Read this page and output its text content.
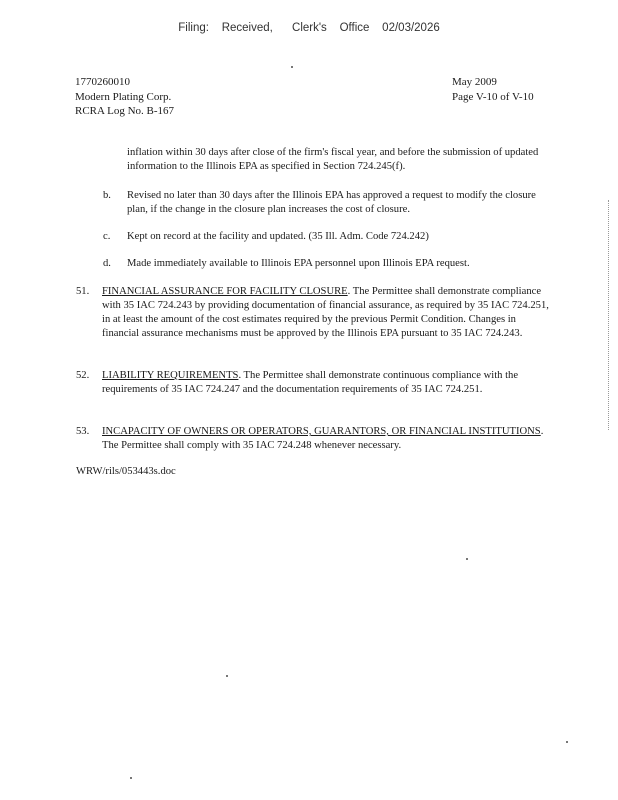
Filing:    Received,      Clerk's    Office    02/03/2026
1770260010
Modern Plating Corp.
RCRA Log No. B-167
May 2009
Page V-10 of V-10
inflation within 30 days after close of the firm's fiscal year, and before the submission of updated information to the Illinois EPA as specified in Section 724.245(f).
b. Revised no later than 30 days after the Illinois EPA has approved a request to modify the closure plan, if the change in the closure plan increases the cost of closure.
c. Kept on record at the facility and updated. (35 Ill. Adm. Code 724.242)
d. Made immediately available to Illinois EPA personnel upon Illinois EPA request.
51. FINANCIAL ASSURANCE FOR FACILITY CLOSURE. The Permittee shall demonstrate compliance with 35 IAC 724.243 by providing documentation of financial assurance, as required by 35 IAC 724.251, in at least the amount of the cost estimates required by the previous Permit Condition. Changes in financial assurance mechanisms must be approved by the Illinois EPA pursuant to 35 IAC 724.243.
52. LIABILITY REQUIREMENTS. The Permittee shall demonstrate continuous compliance with the requirements of 35 IAC 724.247 and the documentation requirements of 35 IAC 724.251.
53. INCAPACITY OF OWNERS OR OPERATORS, GUARANTORS, OR FINANCIAL INSTITUTIONS. The Permittee shall comply with 35 IAC 724.248 whenever necessary.
WRW/rils/053443s.doc
